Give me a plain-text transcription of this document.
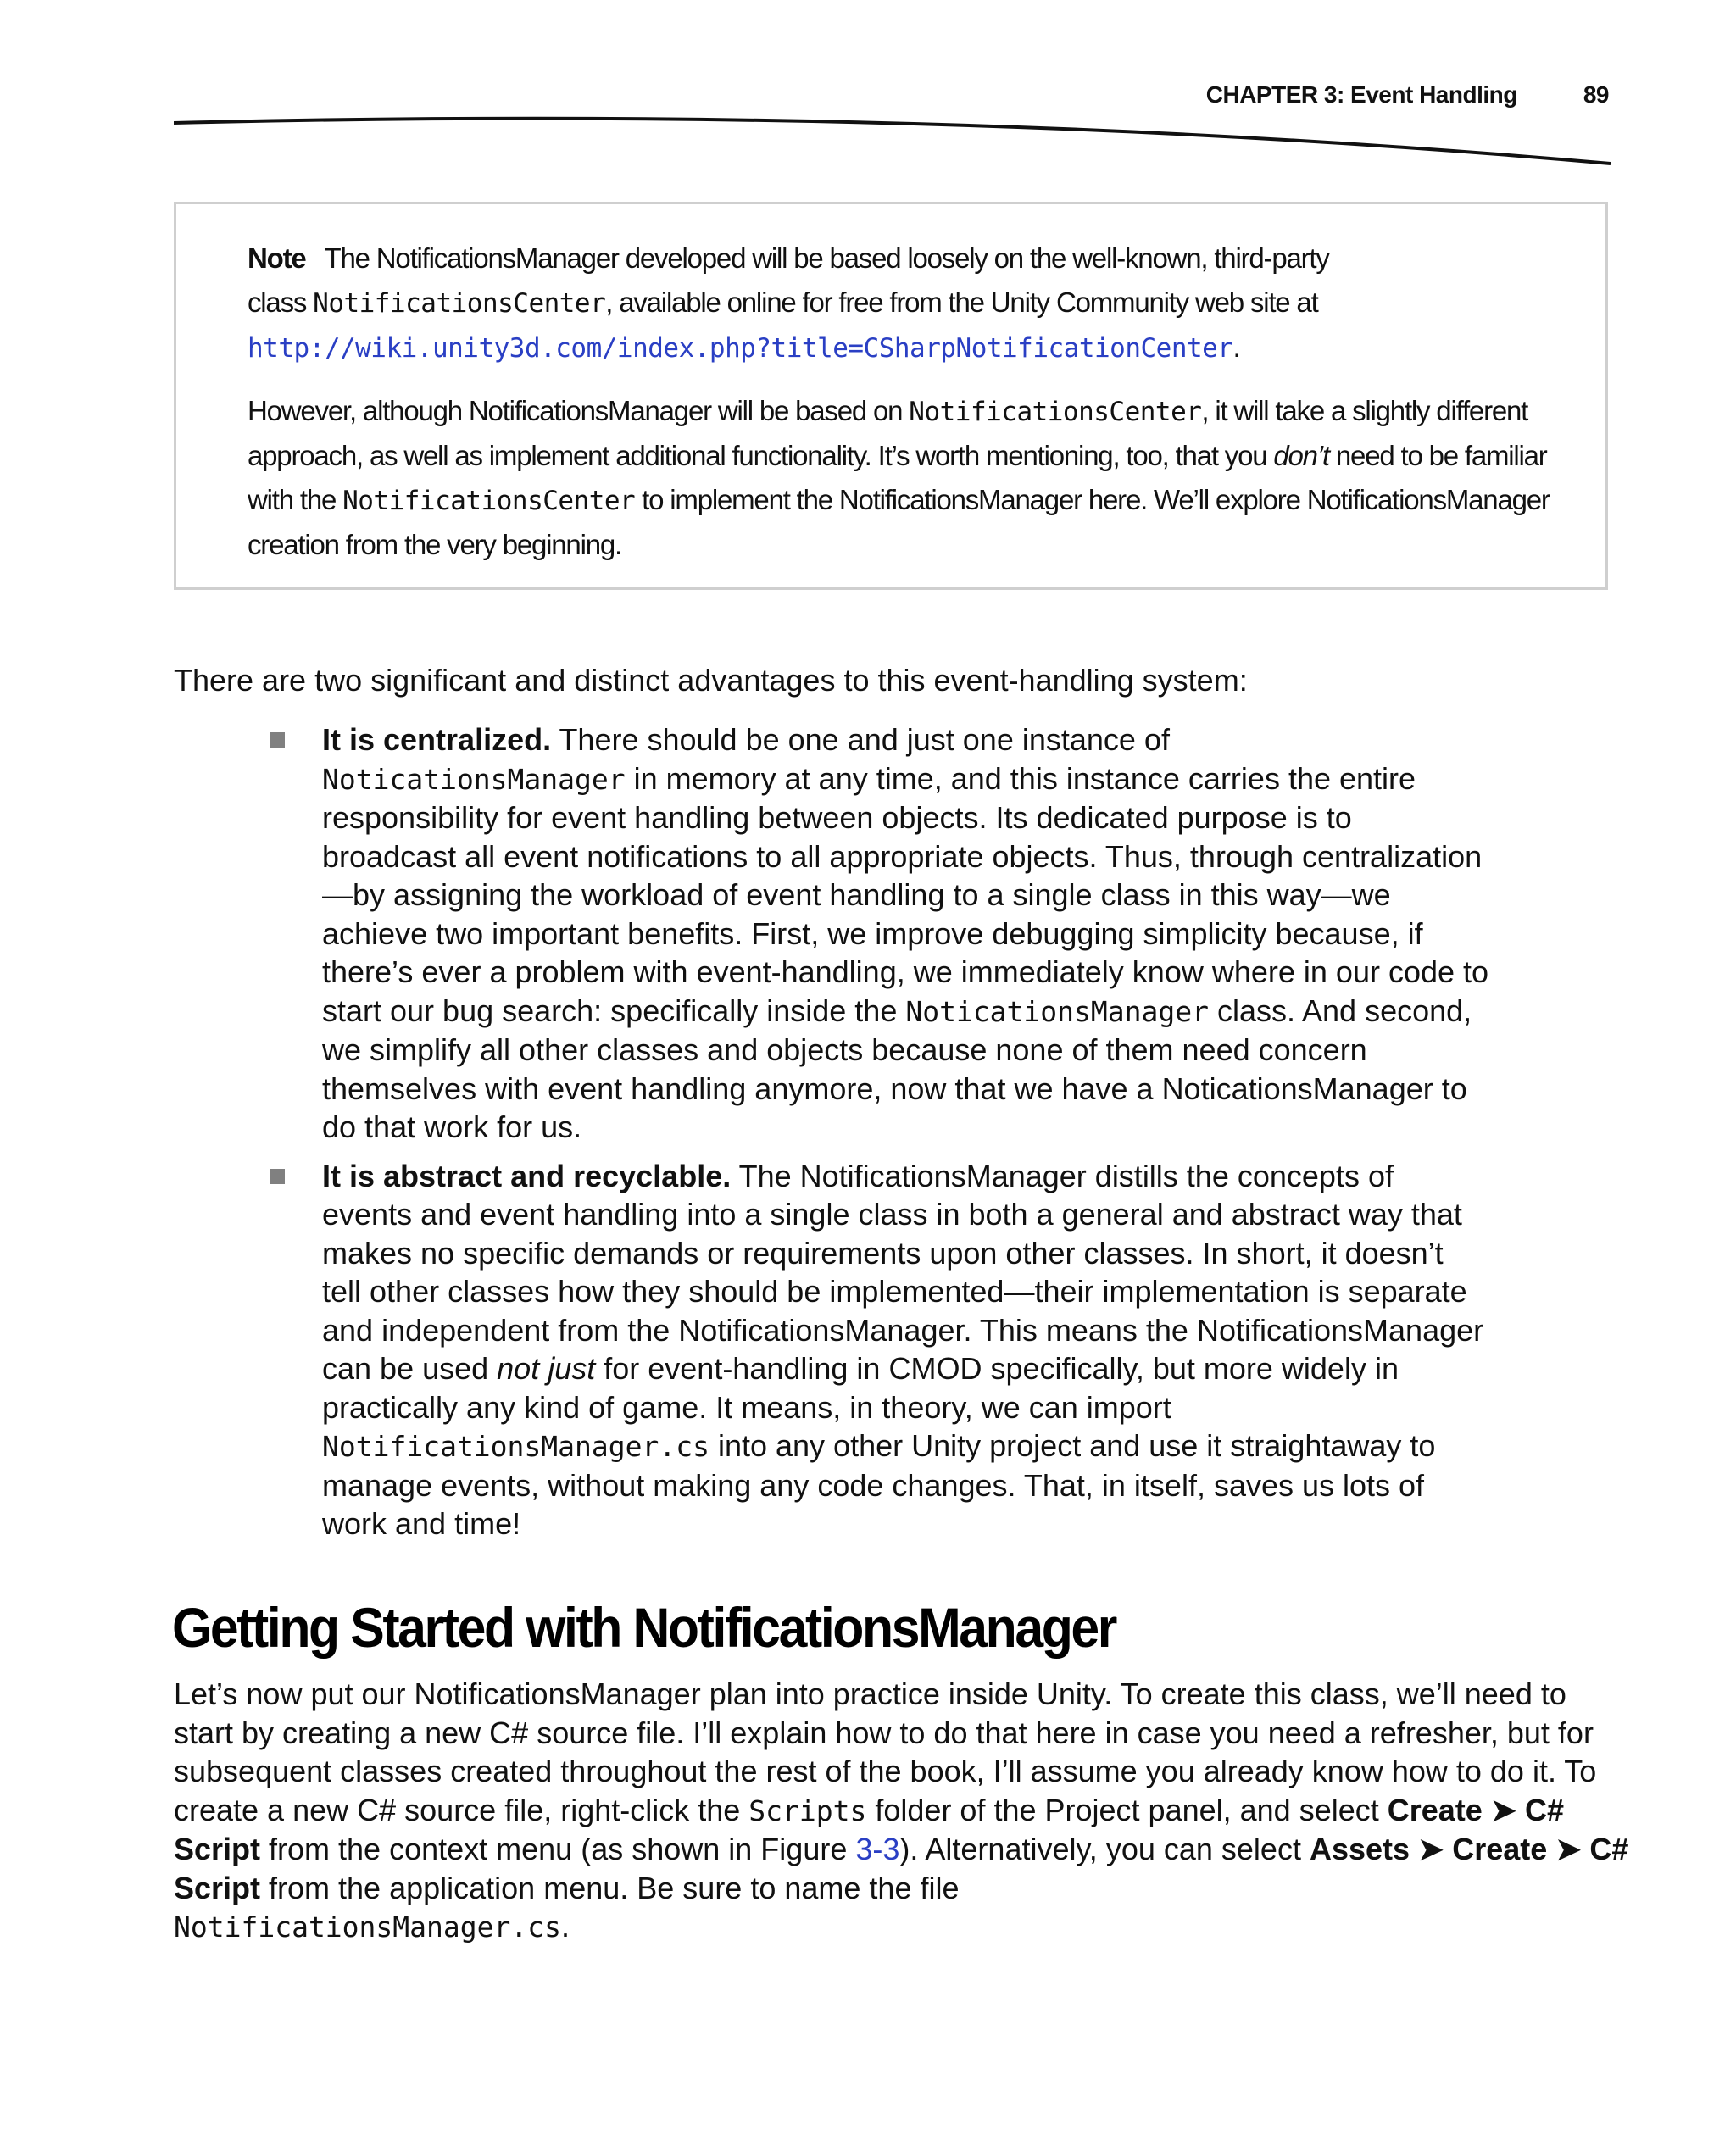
CHAPTER 3: Event Handling	89
Note The NotificationsManager developed will be based loosely on the well-known, third-party
class NotificationsCenter, available online for free from the Unity Community web site at
http://wiki.unity3d.com/index.php?title=CSharpNotificationCenter.
However, although NotificationsManager will be based on NotificationsCenter, it will take a slightly different approach, as well as implement additional functionality. It’s worth mentioning, too, that you don’t need to be familiar with the NotificationsCenter to implement the NotificationsManager here. We’ll explore NotificationsManager creation from the very beginning.
There are two significant and distinct advantages to this event-handling system:
It is centralized. There should be one and just one instance of
NoticationsManager in memory at any time, and this instance carries the entire responsibility for event handling between objects. Its dedicated purpose is to broadcast all event notifications to all appropriate objects. Thus, through centralization—by assigning the workload of event handling to a single class in this way—we achieve two important benefits. First, we improve debugging simplicity because, if there’s ever a problem with event-handling, we immediately know where in our code to start our bug search: specifically inside the NoticationsManager class. And second, we simplify all other classes and objects because none of them need concern themselves with event handling anymore, now that we have a NoticationsManager to do that work for us.
It is abstract and recyclable. The NotificationsManager distills the concepts of events and event handling into a single class in both a general and abstract way that makes no specific demands or requirements upon other classes. In short, it doesn’t tell other classes how they should be implemented—their implementation is separate and independent from the NotificationsManager. This means the NotificationsManager can be used not just for event-handling in CMOD specifically, but more widely in practically any kind of game. It means, in theory, we can import NotificationsManager.cs into any other Unity project and use it straightaway to manage events, without making any code changes. That, in itself, saves us lots of work and time!
Getting Started with NotificationsManager
Let’s now put our NotificationsManager plan into practice inside Unity. To create this class, we’ll need to start by creating a new C# source file. I’ll explain how to do that here in case you need a refresher, but for subsequent classes created throughout the rest of the book, I’ll assume you already know how to do it. To create a new C# source file, right-click the Scripts folder of the Project panel, and select Create ➤ C# Script from the context menu (as shown in Figure 3-3). Alternatively, you can select Assets ➤ Create ➤ C# Script from the application menu. Be sure to name the file
NotificationsManager.cs.
